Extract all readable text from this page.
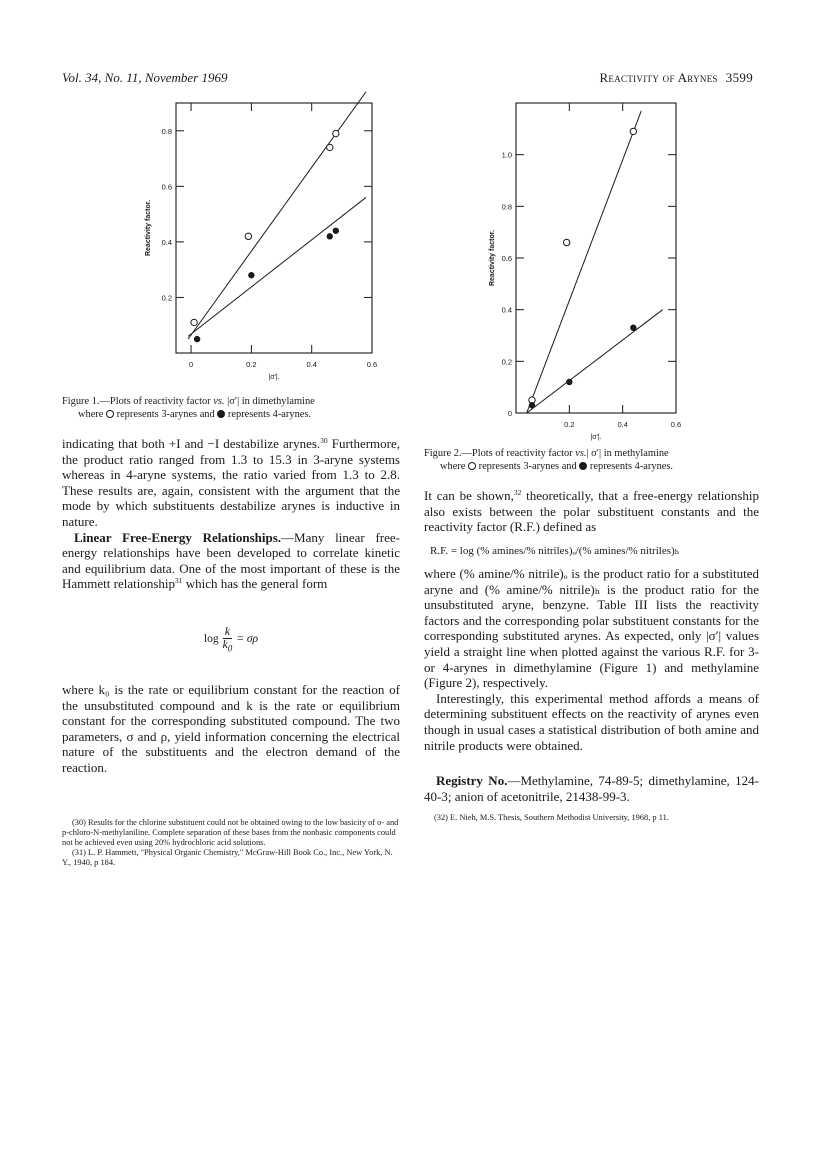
Vol. 34, No. 11, November 1969	Reactivity of Arynes 3599
0	0.2	0.4	0.6
0.2
0.4
0.6
0.8
|σ′|.
Reactivity factor.
Figure 1.—Plots of reactivity factor vs. |σ′| in dimethylamine
where represents 3-arynes and represents 4-arynes.
0.2	0.4	0.6
0
0.2
0.4
0.6
0.8
1.0
|σ′|.
Reactivity factor.
Figure 2.—Plots of reactivity factor vs.| σ′| in methylamine
where represents 3-arynes and represents 4-arynes.

indicating that both +I and −I destabilize arynes.$^{30}$ Furthermore, the product ratio ranged from 1.3 to 15.3 in 3-aryne systems whereas in 4-aryne systems, the ratio varied from 1.3 to 2.8. These results are, again, consistent with the argument that the mode by which substituents destabilize arynes is inductive in nature.

Linear Free-Energy Relationships.—Many linear free-energy relationships have been developed to correlate kinetic and equilibrium data. One of the most important of these is the Hammett relationship$^{31}$ which has the general form

$\log \frac{k}{k_0} = \sigma\rho$

where k₀ is the rate or equilibrium constant for the reaction of the unsubstituted compound and k is the rate or equilibrium constant for the corresponding substituted compound. The two parameters, σ and ρ, yield information concerning the electrical nature of the substituents and the electron demand of the reaction.

(30) Results for the chlorine substituent could not be obtained owing to the low basicity of o- and p-chloro-N-methylaniline. Complete separation of these bases from the nonbasic components could not be achieved even using 20% hydrochloric acid solutions.

(31) L. P. Hammett, "Physical Organic Chemistry," McGraw-Hill Book Co., Inc., New York, N. Y., 1940, p 184.

It can be shown,$^{32}$ theoretically, that a free-energy relationship also exists between the polar substituent constants and the reactivity factor (R.F.) defined as

R.F. = log (% amines/% nitriles)ₒ/(% amines/% nitriles)ₕ

where (% amine/% nitrile)ₒ is the product ratio for a substituted aryne and (% amine/% nitrile)ₕ is the product ratio for the unsubstituted aryne, benzyne. Table III lists the reactivity factors and the corresponding polar substituent constants for the corresponding substituted arynes. As expected, only |σ′| values yield a straight line when plotted against the various R.F. for 3- or 4-arynes in dimethylamine (Figure 1) and methylamine (Figure 2), respectively.

Interestingly, this experimental method affords a means of determining substituent effects on the reactivity of arynes even though in usual cases a statistical distribution of both amine and nitrile products were obtained.

Registry No.—Methylamine, 74-89-5; dimethylamine, 124-40-3; anion of acetonitrile, 21438-99-3.

(32) E. Nieh, M.S. Thesis, Southern Methodist University, 1968, p 11.
